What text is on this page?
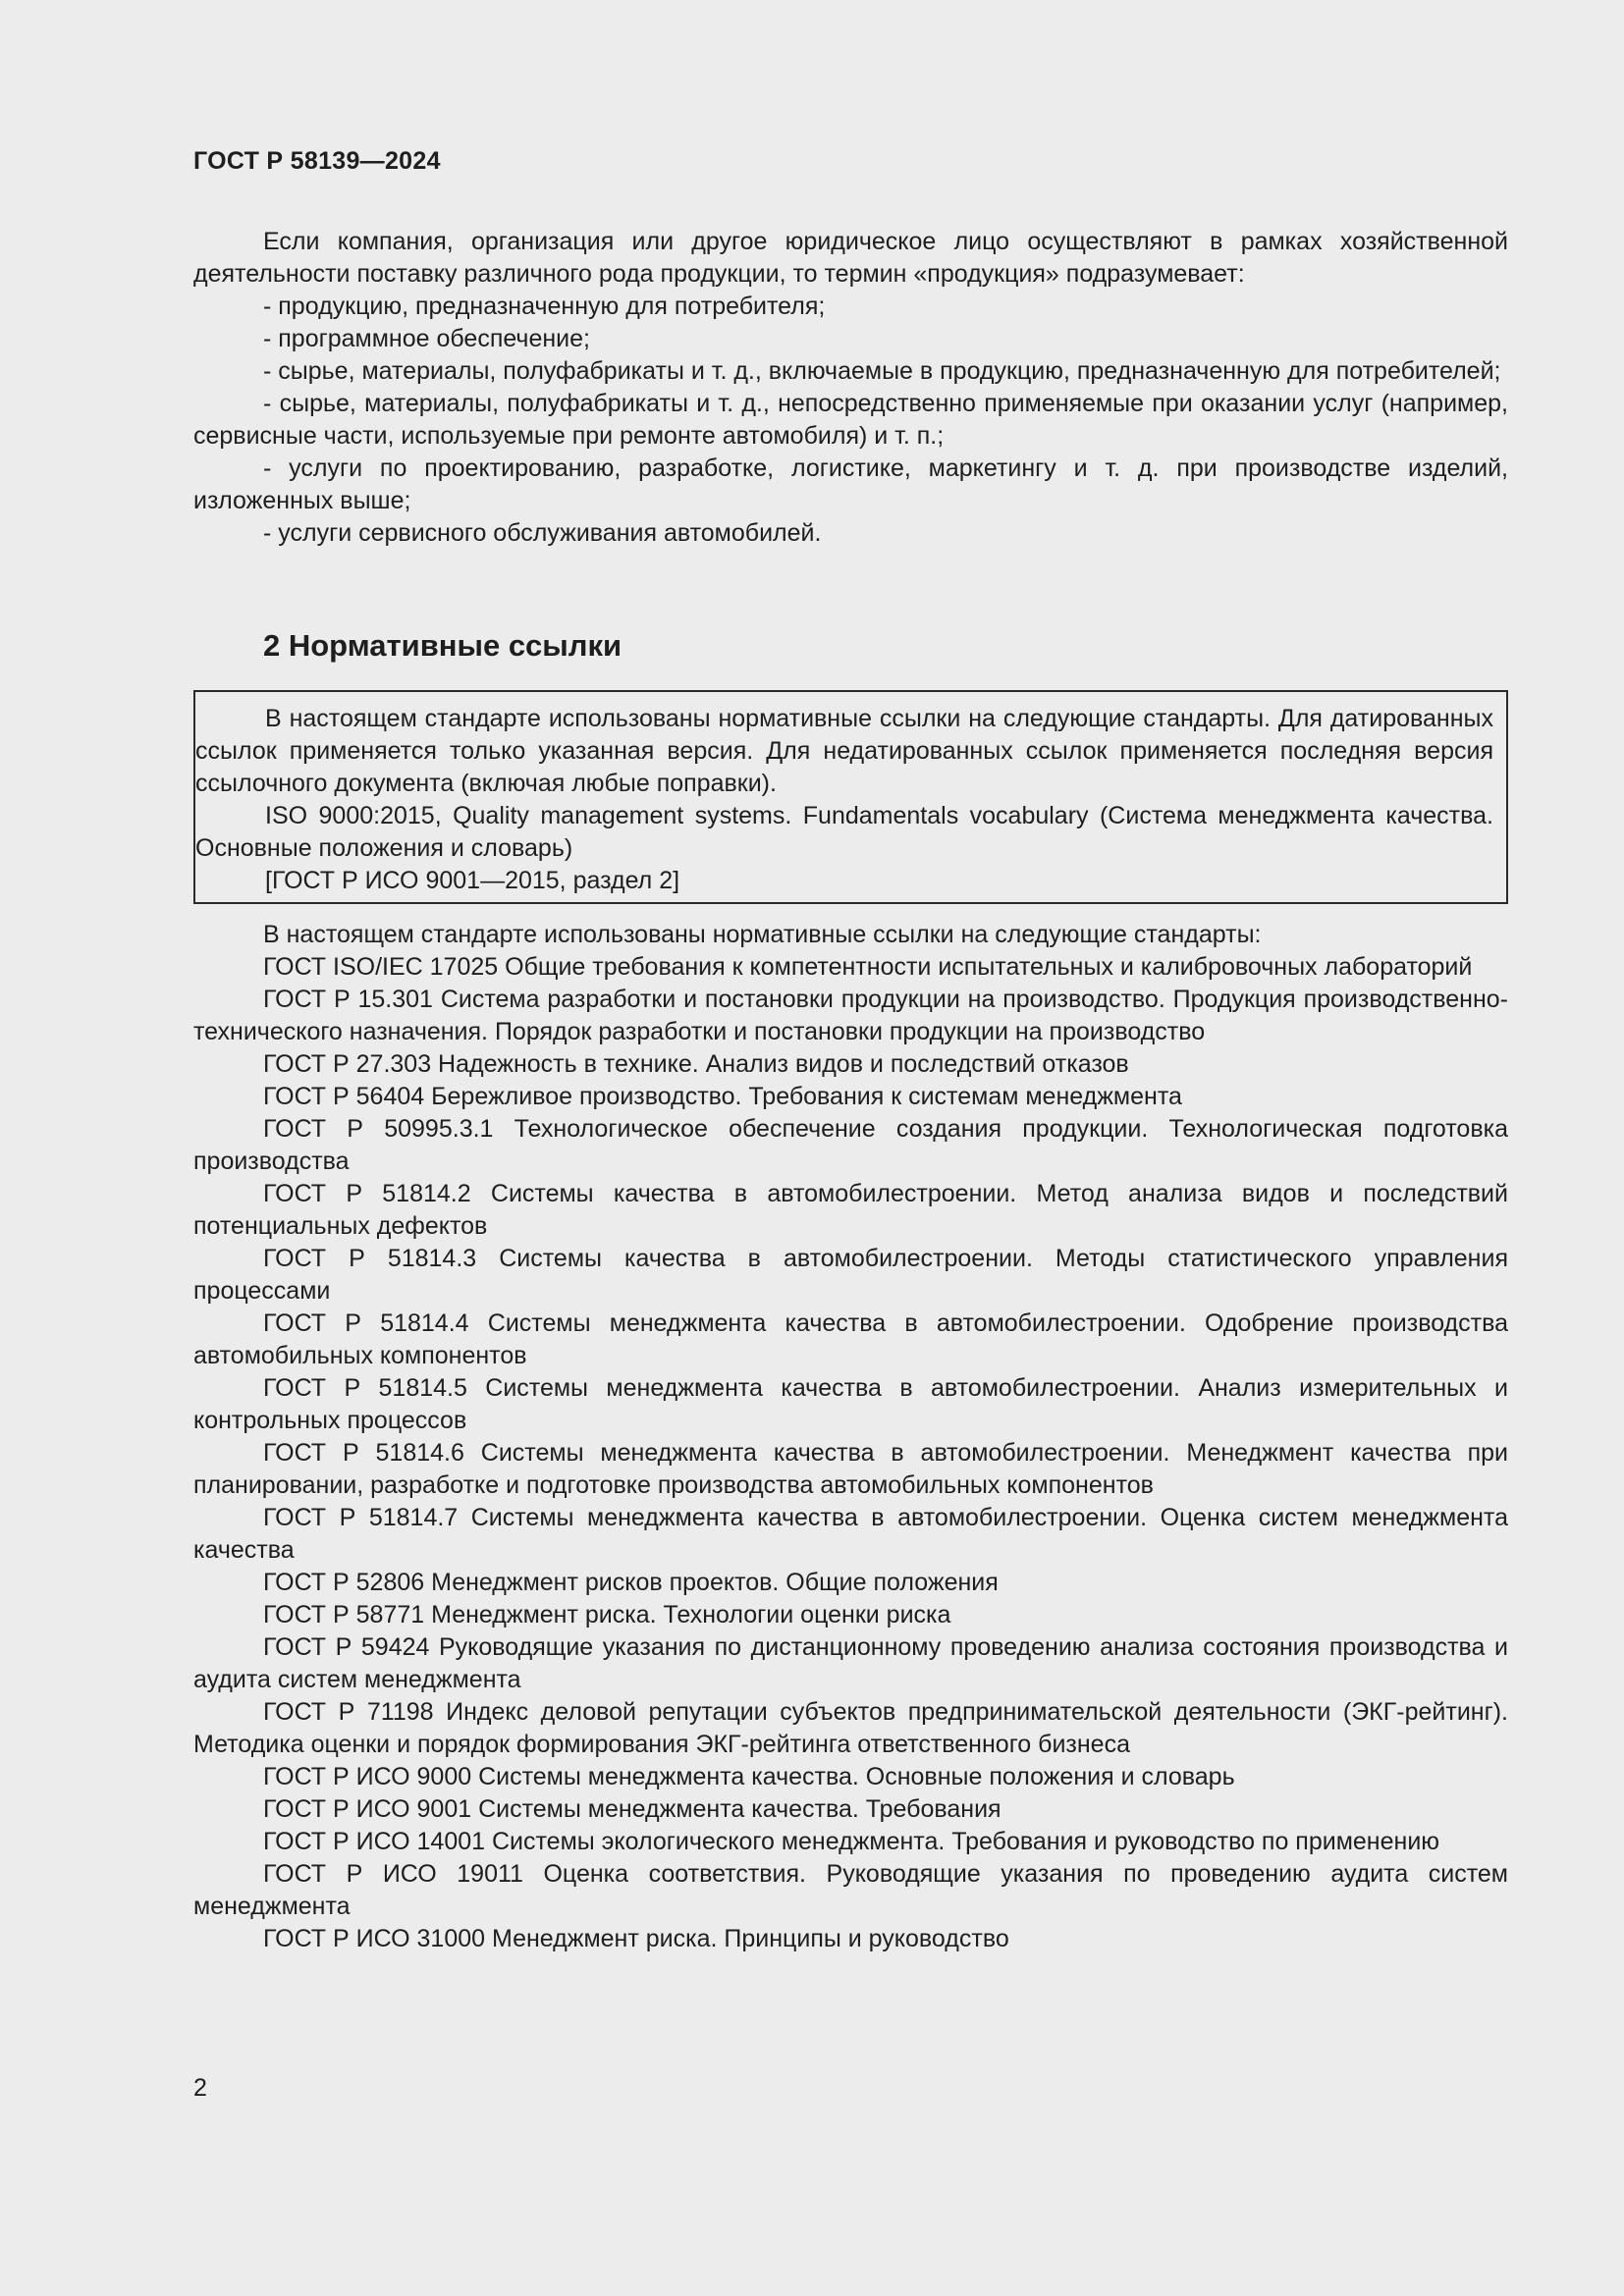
ГОСТ Р 58139—2024

Если компания, организация или другое юридическое лицо осуществляют в рамках хозяйственной деятельности поставку различного рода продукции, то термин «продукция» подразумевает:

- продукцию, предназначенную для потребителя;

- программное обеспечение;

- сырье, материалы, полуфабрикаты и т. д., включаемые в продукцию, предназначенную для потребителей;

- сырье, материалы, полуфабрикаты и т. д., непосредственно применяемые при оказании услуг (например, сервисные части, используемые при ремонте автомобиля) и т. п.;

- услуги по проектированию, разработке, логистике, маркетингу и т. д. при производстве изделий, изложенных выше;

- услуги сервисного обслуживания автомобилей.

2 Нормативные ссылки

В настоящем стандарте использованы нормативные ссылки на следующие стандарты. Для датированных ссылок применяется только указанная версия. Для недатированных ссылок применяется последняя версия ссылочного документа (включая любые поправки).

ISO 9000:2015, Quality management systems. Fundamentals vocabulary (Система менеджмента качества. Основные положения и словарь)

[ГОСТ Р ИСО 9001—2015, раздел 2]

В настоящем стандарте использованы нормативные ссылки на следующие стандарты:

ГОСТ ISO/IEC 17025 Общие требования к компетентности испытательных и калибровочных лабораторий

ГОСТ Р 15.301 Система разработки и постановки продукции на производство. Продукция производственно-технического назначения. Порядок разработки и постановки продукции на производство

ГОСТ Р 27.303 Надежность в технике. Анализ видов и последствий отказов

ГОСТ Р 56404 Бережливое производство. Требования к системам менеджмента

ГОСТ Р 50995.3.1 Технологическое обеспечение создания продукции. Технологическая подготовка производства

ГОСТ Р 51814.2 Системы качества в автомобилестроении. Метод анализа видов и последствий потенциальных дефектов

ГОСТ Р 51814.3 Системы качества в автомобилестроении. Методы статистического управления процессами

ГОСТ Р 51814.4 Системы менеджмента качества в автомобилестроении. Одобрение производства автомобильных компонентов

ГОСТ Р 51814.5 Системы менеджмента качества в автомобилестроении. Анализ измерительных и контрольных процессов

ГОСТ Р 51814.6 Системы менеджмента качества в автомобилестроении. Менеджмент качества при планировании, разработке и подготовке производства автомобильных компонентов

ГОСТ Р 51814.7 Системы менеджмента качества в автомобилестроении. Оценка систем менеджмента качества

ГОСТ Р 52806 Менеджмент рисков проектов. Общие положения

ГОСТ Р 58771 Менеджмент риска. Технологии оценки риска

ГОСТ Р 59424 Руководящие указания по дистанционному проведению анализа состояния производства и аудита систем менеджмента

ГОСТ Р 71198 Индекс деловой репутации субъектов предпринимательской деятельности (ЭКГ-рейтинг). Методика оценки и порядок формирования ЭКГ-рейтинга ответственного бизнеса

ГОСТ Р ИСО 9000 Системы менеджмента качества. Основные положения и словарь

ГОСТ Р ИСО 9001 Системы менеджмента качества. Требования

ГОСТ Р ИСО 14001 Системы экологического менеджмента. Требования и руководство по применению

ГОСТ Р ИСО 19011 Оценка соответствия. Руководящие указания по проведению аудита систем менеджмента

ГОСТ Р ИСО 31000 Менеджмент риска. Принципы и руководство

2
